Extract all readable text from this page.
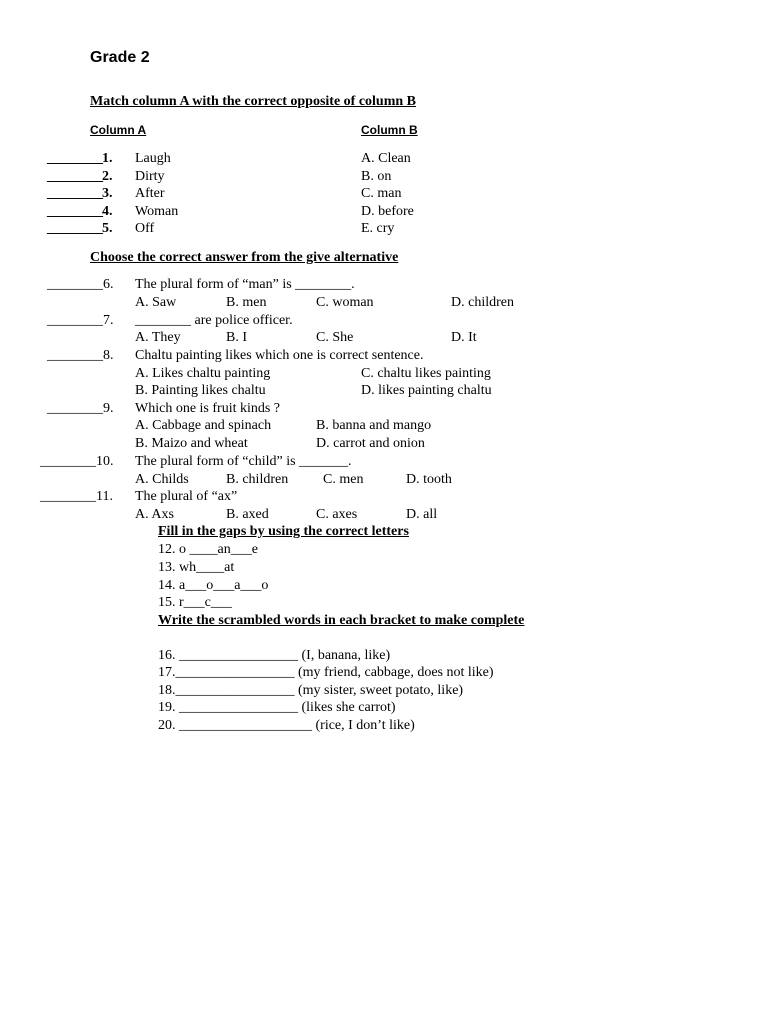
Grade 2
Match column A with the correct opposite of column B
Column A	Column B
________ 1. Laugh	A. Clean
________ 2. Dirty	B. on
________ 3. After	C. man
________ 4. Woman	D. before
________ 5. Off	E. cry
Choose the correct answer from the give alternative
________6. The plural form of “man” is ________.
A. Saw	B. men	C. woman	D. children
________7. ________ are police officer.
A. They	B. I	C. She	D. It
________8. Chaltu painting likes which one is correct sentence.
A. Likes chaltu painting	C. chaltu likes painting
B. Painting likes chaltu	D. likes painting chaltu
________9. Which one is fruit kinds ?
A. Cabbage and spinach	B. banna and mango
B. Maizo and wheat	D. carrot and onion
________10. The plural form of “child” is _______.
A. Childs	B. children C. men	D. tooth
________11. The plural of “ax”
A. Axs	B. axed	C. axes	D. all
Fill in the gaps by using the correct letters
12. o ____an___e
13. wh____at
14. a___o___a___o
15. r___c___
Write the scrambled words in each bracket to make complete
16. _________________ (I, banana, like)
17._________________ (my friend, cabbage, does not like)
18._________________ (my sister, sweet potato, like)
19. _________________ (likes she carrot)
20. ___________________ (rice, I don’t like)
